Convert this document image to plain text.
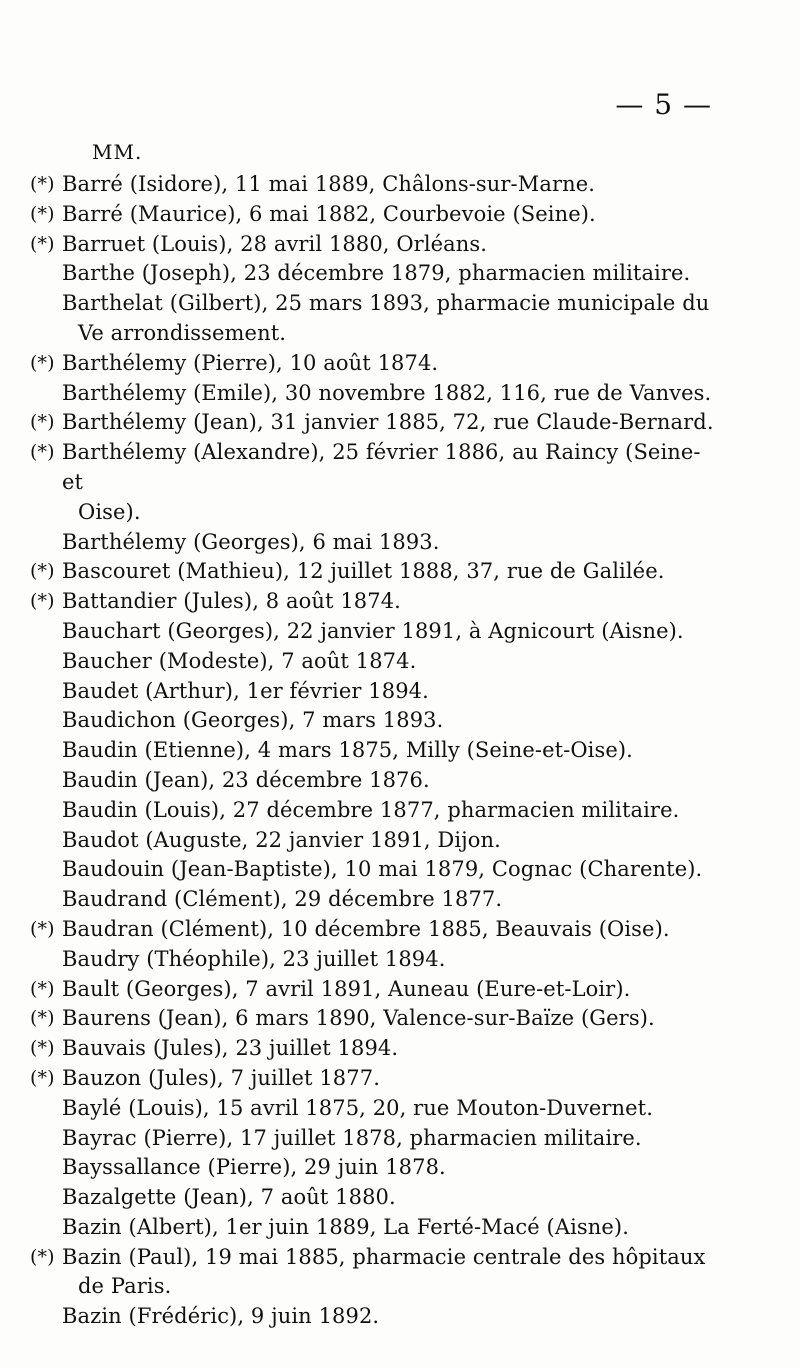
— 5 —
MM.
(*) Barré (Isidore), 11 mai 1889, Châlons-sur-Marne.
(*) Barré (Maurice), 6 mai 1882, Courbevoie (Seine).
(*) Barruet (Louis), 28 avril 1880, Orléans.
Barthe (Joseph), 23 décembre 1879, pharmacien militaire.
Barthelat (Gilbert), 25 mars 1893, pharmacie municipale du
Ve arrondissement.
(*) Barthélemy (Pierre), 10 août 1874.
Barthélemy (Emile), 30 novembre 1882, 116, rue de Vanves.
(*) Barthélemy (Jean), 31 janvier 1885, 72, rue Claude-Bernard.
(*) Barthélemy (Alexandre), 25 février 1886, au Raincy (Seine-et
Oise).
Barthélemy (Georges), 6 mai 1893.
(*) Bascouret (Mathieu), 12 juillet 1888, 37, rue de Galilée.
(*) Battandier (Jules), 8 août 1874.
Bauchart (Georges), 22 janvier 1891, à Agnicourt (Aisne).
Baucher (Modeste), 7 août 1874.
Baudet (Arthur), 1er février 1894.
Baudichon (Georges), 7 mars 1893.
Baudin (Etienne), 4 mars 1875, Milly (Seine-et-Oise).
Baudin (Jean), 23 décembre 1876.
Baudin (Louis), 27 décembre 1877, pharmacien militaire.
Baudot (Auguste, 22 janvier 1891, Dijon.
Baudouin (Jean-Baptiste), 10 mai 1879, Cognac (Charente).
Baudrand (Clément), 29 décembre 1877.
(*) Baudran (Clément), 10 décembre 1885, Beauvais (Oise).
Baudry (Théophile), 23 juillet 1894.
(*) Bault (Georges), 7 avril 1891, Auneau (Eure-et-Loir).
(*) Baurens (Jean), 6 mars 1890, Valence-sur-Baïze (Gers).
(*) Bauvais (Jules), 23 juillet 1894.
(*) Bauzon (Jules), 7 juillet 1877.
Baylé (Louis), 15 avril 1875, 20, rue Mouton-Duvernet.
Bayrac (Pierre), 17 juillet 1878, pharmacien militaire.
Bayssallance (Pierre), 29 juin 1878.
Bazalgette (Jean), 7 août 1880.
Bazin (Albert), 1er juin 1889, La Ferté-Macé (Aisne).
(*) Bazin (Paul), 19 mai 1885, pharmacie centrale des hôpitaux
de Paris.
Bazin (Frédéric), 9 juin 1892.
